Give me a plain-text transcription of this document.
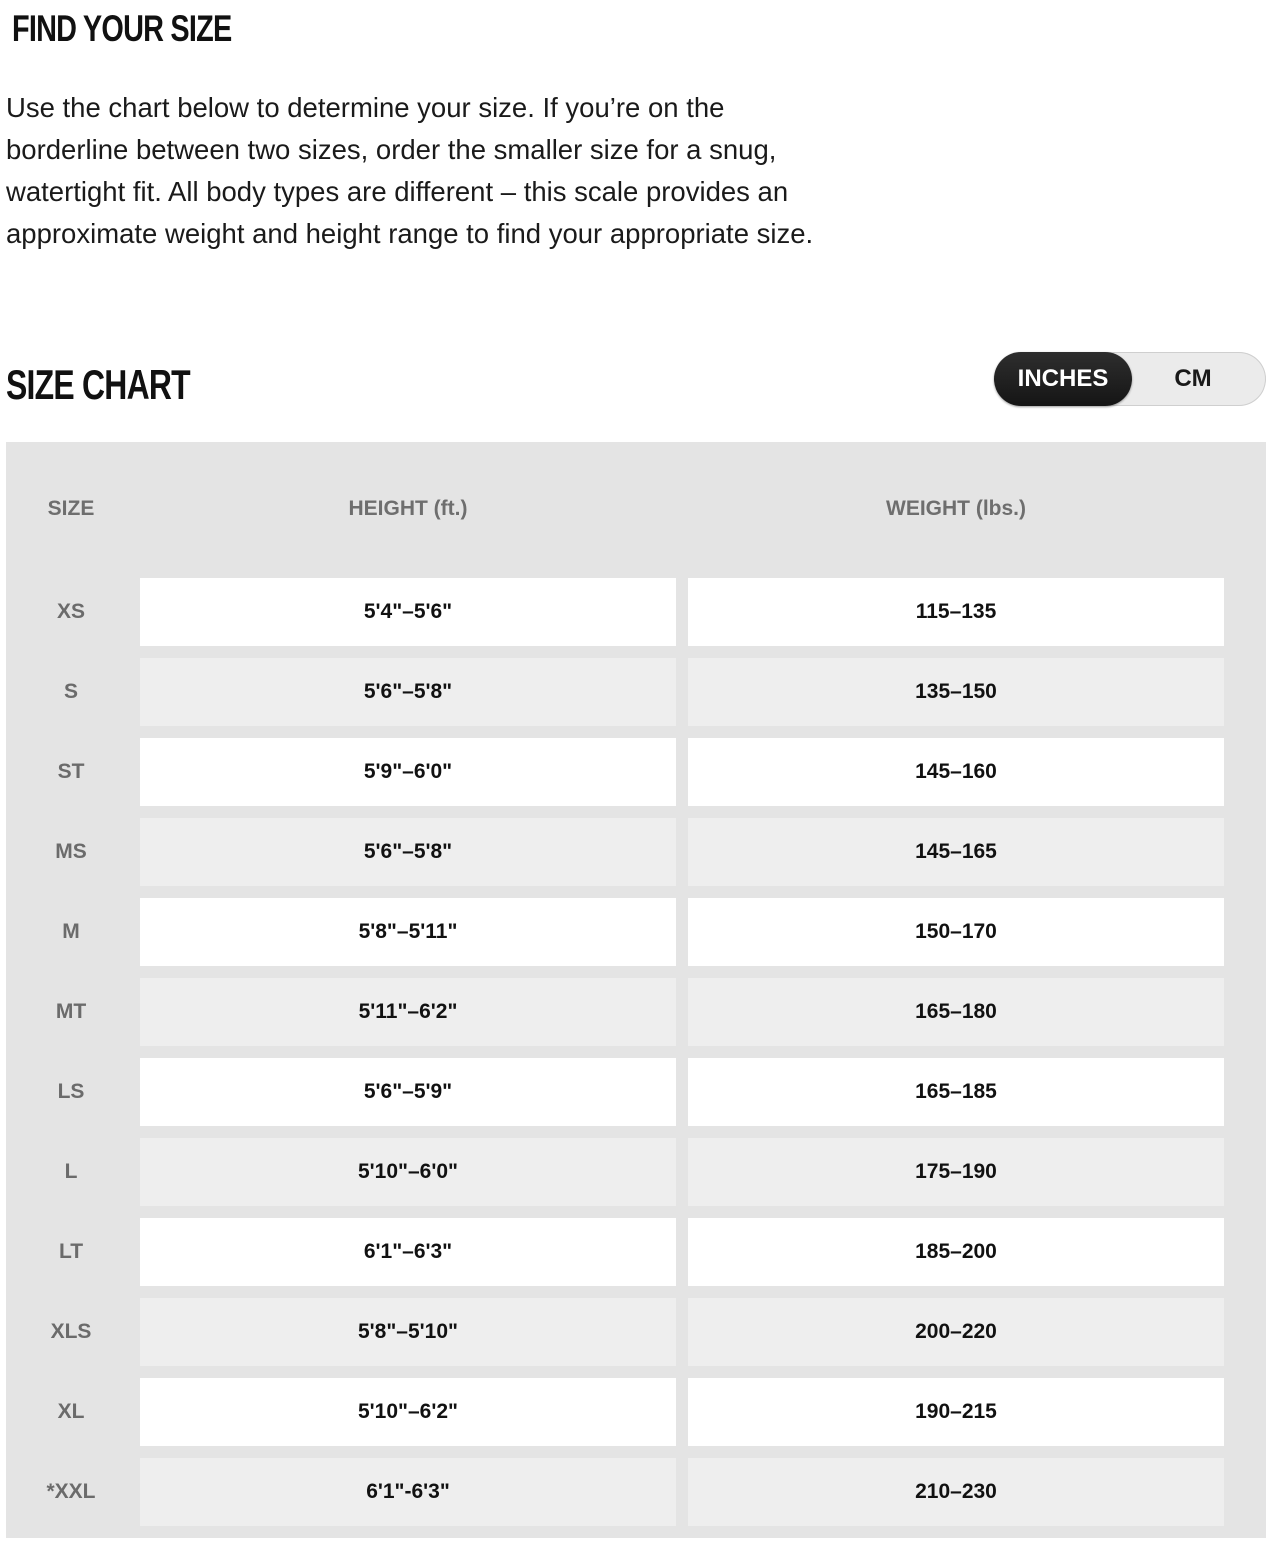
FIND YOUR SIZE

Use the chart below to determine your size. If you’re on the borderline between two sizes, order the smaller size for a snug, watertight fit. All body types are different – this scale provides an approximate weight and height range to find your appropriate size.

SIZE CHART	INCHES	CM
SIZE	HEIGHT (ft.)	WEIGHT (lbs.)
XS	5'4"–5'6"	115–135
S	5'6"–5'8"	135–150
ST	5'9"–6'0"	145–160
MS	5'6"–5'8"	145–165
M	5'8"–5'11"	150–170
MT	5'11"–6'2"	165–180
LS	5'6"–5'9"	165–185
L	5'10"–6'0"	175–190
LT	6'1"–6'3"	185–200
XLS	5'8"–5'10"	200–220
XL	5'10"–6'2"	190–215
*XXL	6'1"-6'3"	210–230
